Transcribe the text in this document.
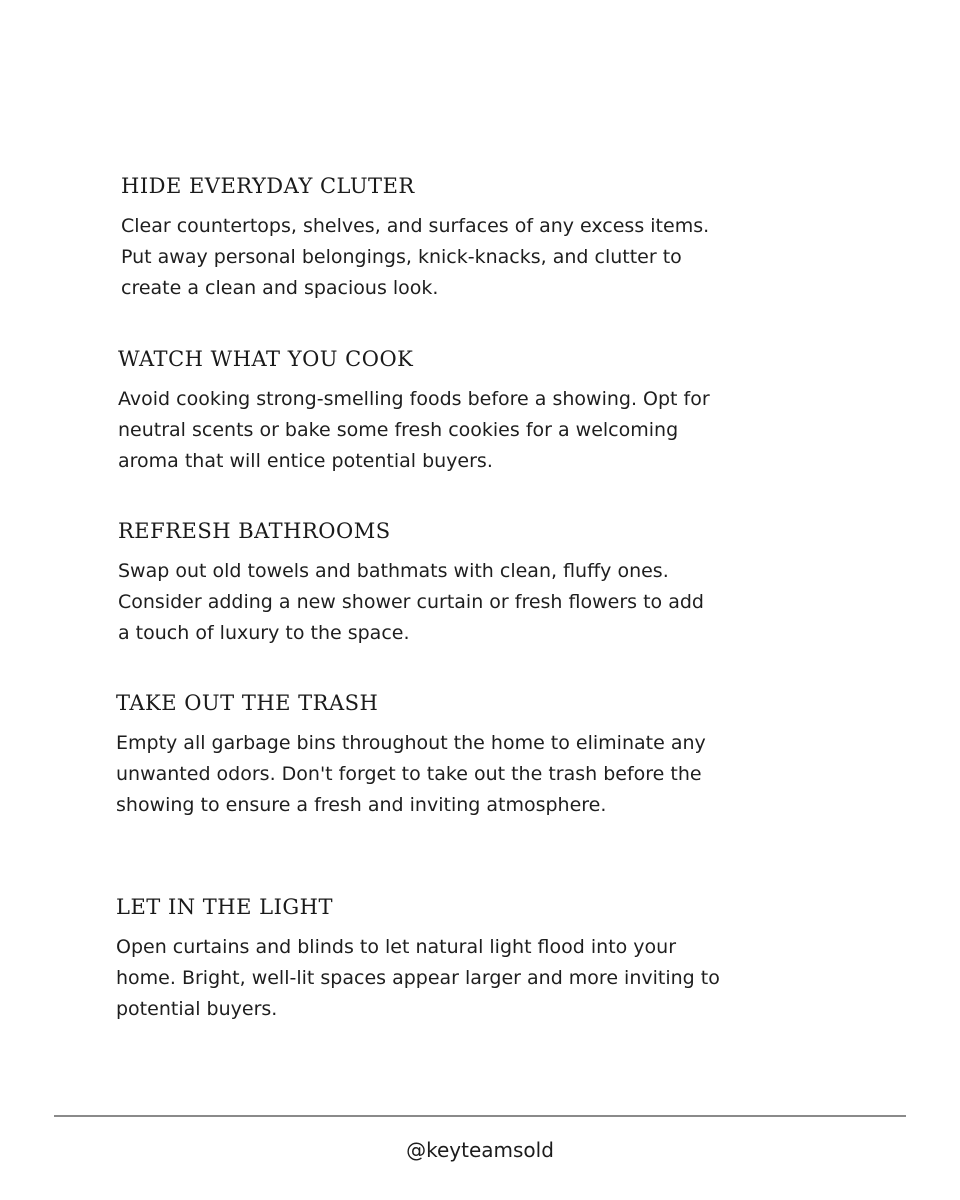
HIDE EVERYDAY CLUTER

Clear countertops, shelves, and surfaces of any excess items.
Put away personal belongings, knick-knacks, and clutter to
create a clean and spacious look.

WATCH WHAT YOU COOK

Avoid cooking strong-smelling foods before a showing. Opt for
neutral scents or bake some fresh cookies for a welcoming
aroma that will entice potential buyers.

REFRESH BATHROOMS

Swap out old towels and bathmats with clean, fluffy ones.
Consider adding a new shower curtain or fresh flowers to add
a touch of luxury to the space.

TAKE OUT THE TRASH

Empty all garbage bins throughout the home to eliminate any
unwanted odors. Don't forget to take out the trash before the
showing to ensure a fresh and inviting atmosphere.

LET IN THE LIGHT

Open curtains and blinds to let natural light flood into your
home. Bright, well-lit spaces appear larger and more inviting to
potential buyers.

@keyteamsold
